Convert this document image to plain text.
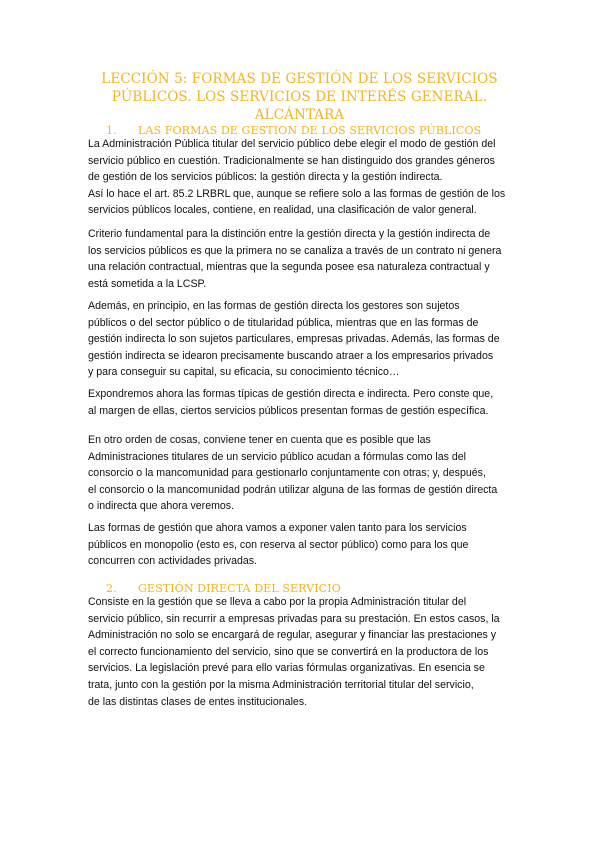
LECCIÓN 5: FORMAS DE GESTIÓN DE LOS SERVICIOS
PÚBLICOS. LOS SERVICIOS DE INTERÉS GENERAL.
ALCÁNTARA
1. LAS FORMAS DE GESTION DE LOS SERVICIOS PÚBLICOS
La Administración Pública titular del servicio público debe elegir el modo de gestión del
servicio público en cuestión. Tradicionalmente se han distinguido dos grandes géneros
de gestión de los servicios públicos: la gestión directa y la gestión indirecta.
Así lo hace el art. 85.2 LRBRL que, aunque se refiere solo a las formas de gestión de los
servicios públicos locales, contiene, en realidad, una clasificación de valor general.
Criterio fundamental para la distinción entre la gestión directa y la gestión indirecta de
los servicios públicos es que la primera no se canaliza a través de un contrato ni genera
una relación contractual, mientras que la segunda posee esa naturaleza contractual y
está sometida a la LCSP.
Además, en principio, en las formas de gestión directa los gestores son sujetos
públicos o del sector público o de titularidad pública, mientras que en las formas de
gestión indirecta lo son sujetos particulares, empresas privadas. Además, las formas de
gestión indirecta se idearon precisamente buscando atraer a los empresarios privados
y para conseguir su capital, su eficacia, su conocimiento técnico…
Expondremos ahora las formas típicas de gestión directa e indirecta. Pero conste que,
al margen de ellas, ciertos servicios públicos presentan formas de gestión específica.
En otro orden de cosas, conviene tener en cuenta que es posible que las
Administraciones titulares de un servicio público acudan a fórmulas como las del
consorcio o la mancomunidad para gestionarlo conjuntamente con otras; y, después,
el consorcio o la mancomunidad podrán utilizar alguna de las formas de gestión directa
o indirecta que ahora veremos.
Las formas de gestión que ahora vamos a exponer valen tanto para los servicios
públicos en monopolio (esto es, con reserva al sector público) como para los que
concurren con actividades privadas.
2. GESTIÓN DIRECTA DEL SERVICIO
Consiste en la gestión que se lleva a cabo por la propia Administración titular del
servicio público, sin recurrir a empresas privadas para su prestación. En estos casos, la
Administración no solo se encargará de regular, asegurar y financiar las prestaciones y
el correcto funcionamiento del servicio, sino que se convertirá en la productora de los
servicios. La legislación prevé para ello varias fórmulas organizativas. En esencia se
trata, junto con la gestión por la misma Administración territorial titular del servicio,
de las distintas clases de entes institucionales.
